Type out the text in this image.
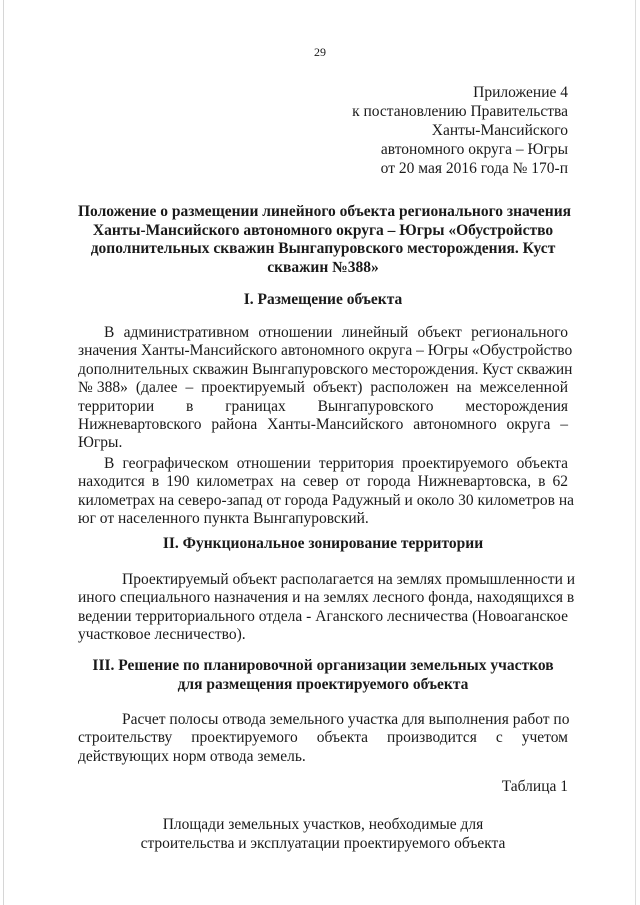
29
Приложение 4
к постановлению Правительства
Ханты-Мансийского
автономного округа – Югры
от 20 мая 2016 года № 170-п
Положение о размещении линейного объекта регионального значения
Ханты-Мансийского автономного округа – Югры «Обустройство
дополнительных скважин Вынгапуровского месторождения. Куст
скважин №388»
I. Размещение объекта
В административном отношении линейный объект регионального
значения Ханты-Мансийского автономного округа – Югры «Обустройство
дополнительных скважин Вынгапуровского месторождения. Куст скважин
№388» (далее – проектируемый объект) расположен на межселенной
территории в границах Вынгапуровского месторождения
Нижневартовского района Ханты-Мансийского автономного округа –
Югры.
В географическом отношении территория проектируемого объекта
находится в 190 километрах на север от города Нижневартовска, в 62
километрах на северо-запад от города Радужный и около 30 километров на
юг от населенного пункта Вынгапуровский.
II. Функциональное зонирование территории
Проектируемый объект располагается на землях промышленности и
иного специального назначения и на землях лесного фонда, находящихся в
ведении территориального отдела - Аганского лесничества (Новоаганское
участковое лесничество).
III. Решение по планировочной организации земельных участков
для размещения проектируемого объекта
Расчет полосы отвода земельного участка для выполнения работ по
строительству проектируемого объекта производится с учетом
действующих норм отвода земель.
Таблица 1
Площади земельных участков, необходимые для
строительства и эксплуатации проектируемого объекта
